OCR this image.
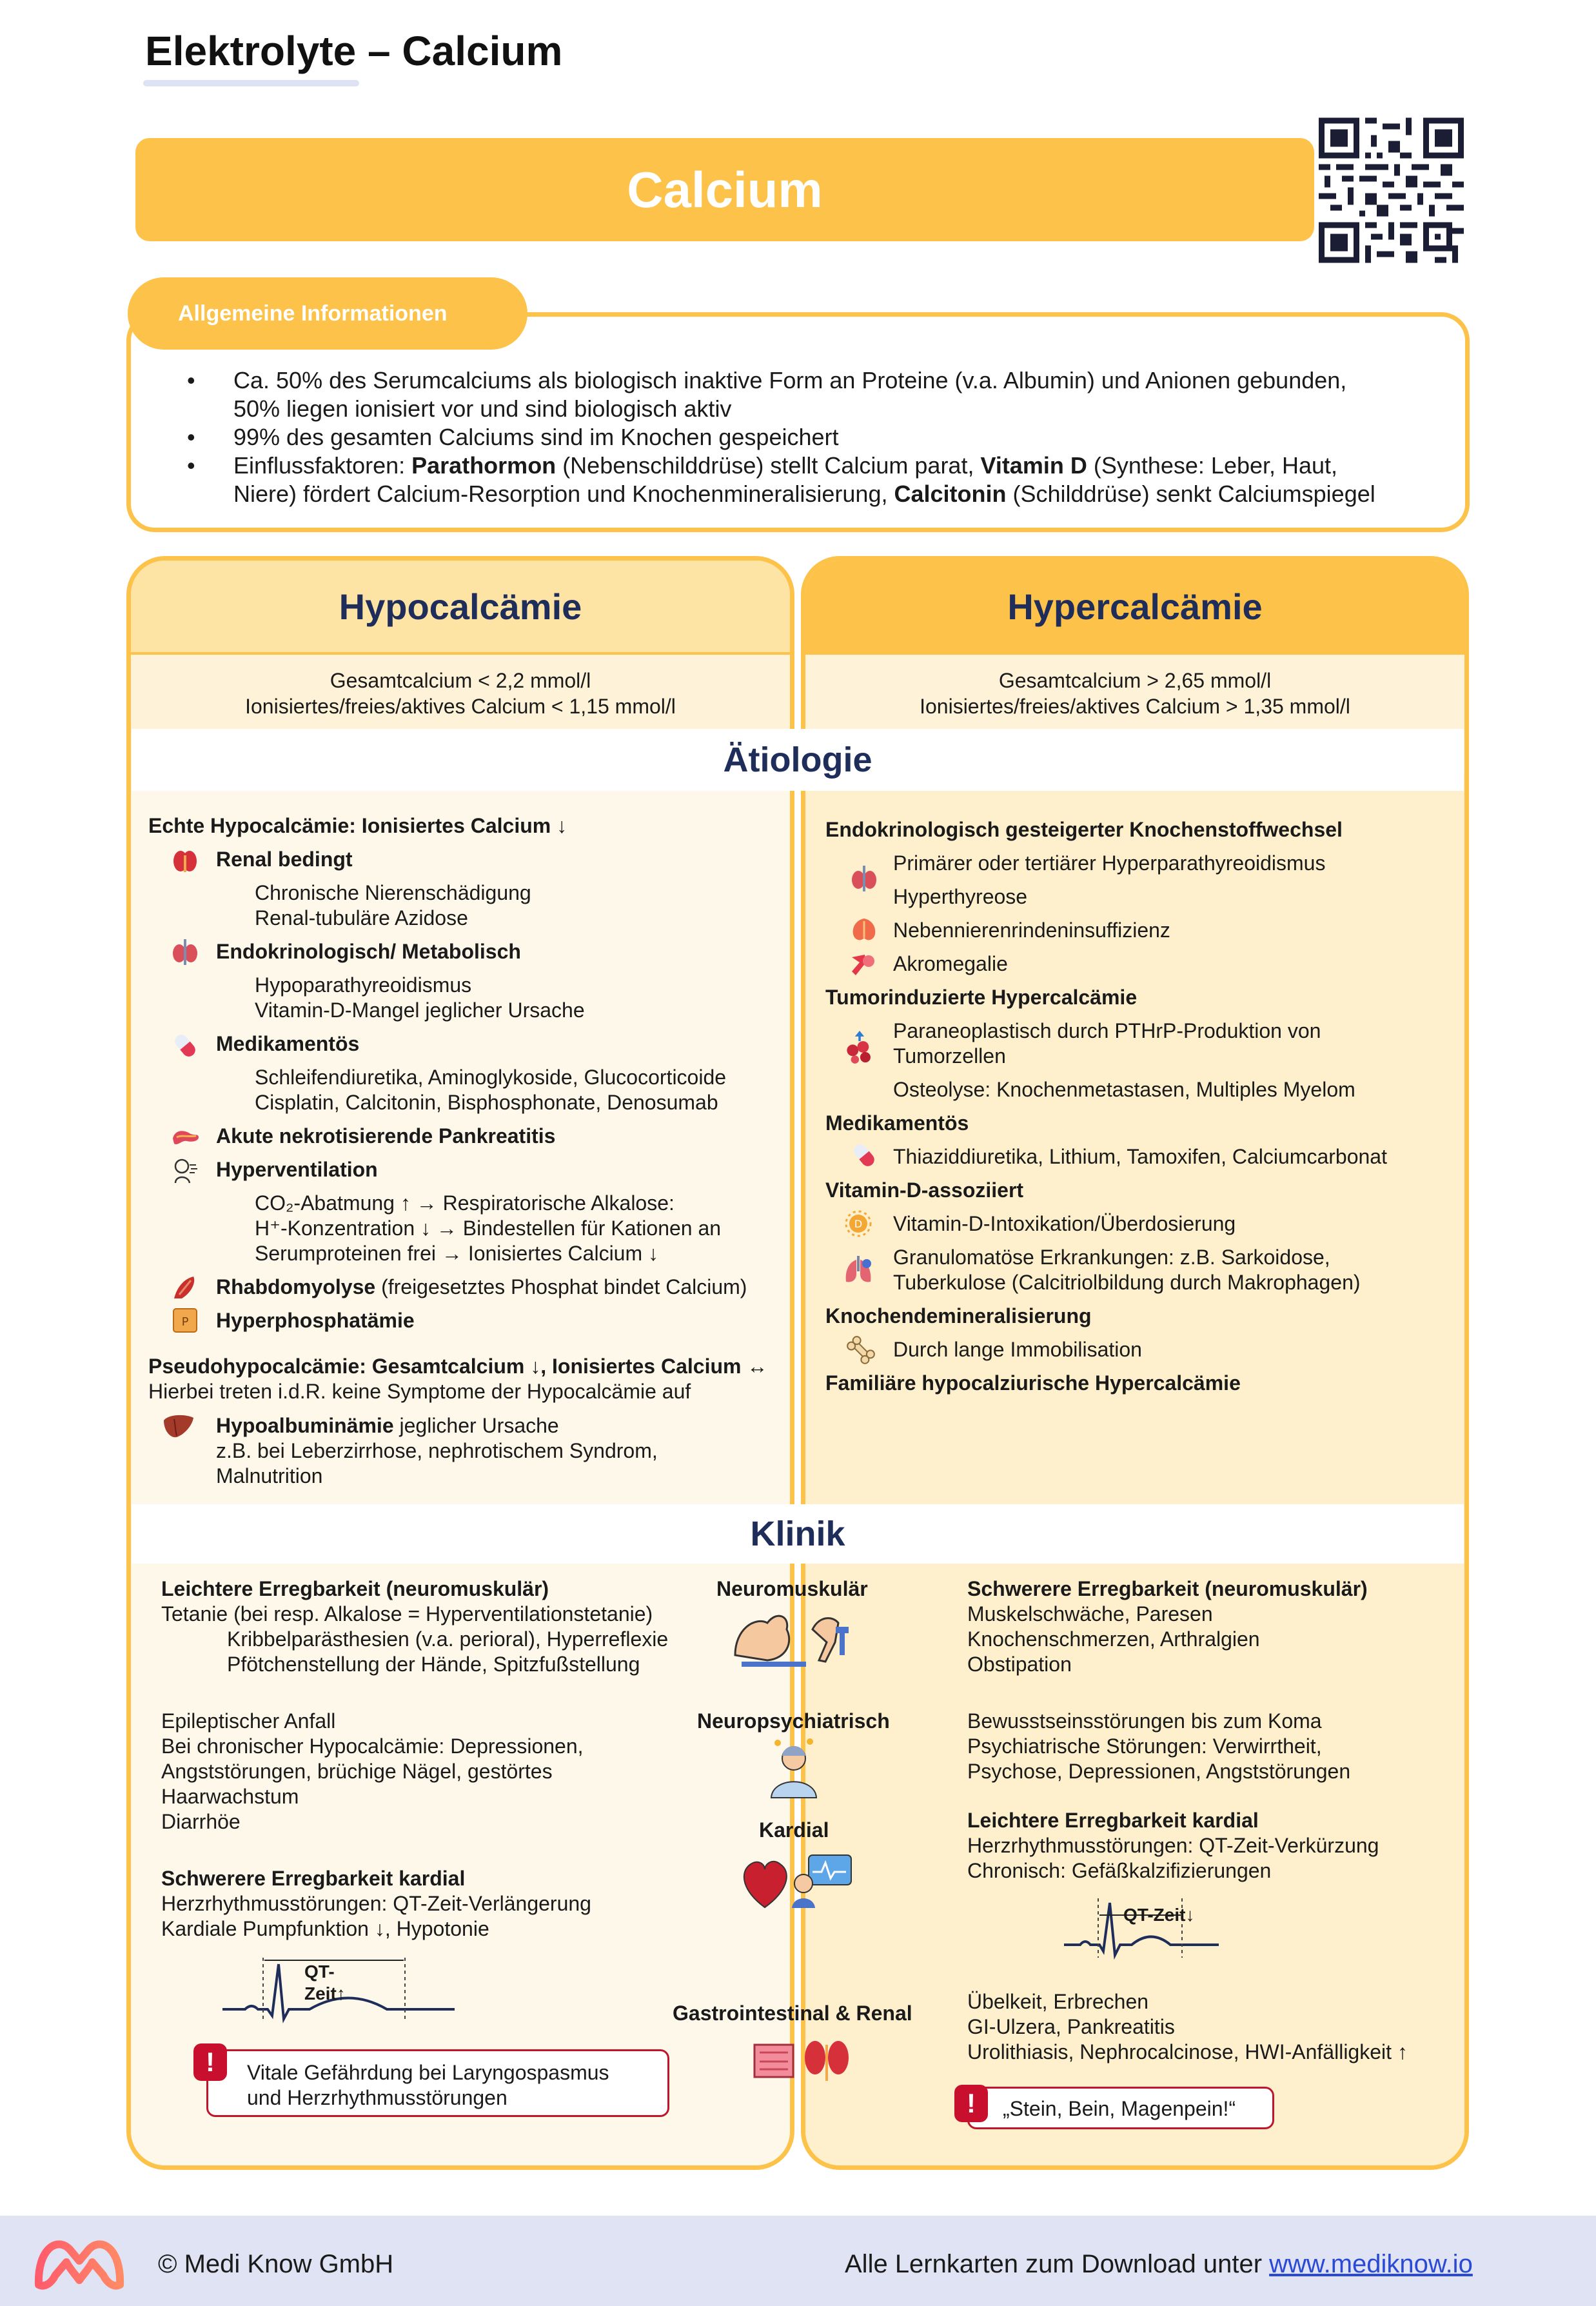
Elektrolyte – Calcium
Calcium
Allgemeine Informationen
• Ca. 50% des Serumcalciums als biologisch inaktive Form an Proteine (v.a. Albumin) und Anionen gebunden,
50% liegen ionisiert vor und sind biologisch aktiv
• 99% des gesamten Calciums sind im Knochen gespeichert
• Einflussfaktoren: Parathormon (Nebenschilddrüse) stellt Calcium parat, Vitamin D (Synthese: Leber, Haut,
Niere) fördert Calcium-Resorption und Knochenmineralisierung, Calcitonin (Schilddrüse) senkt Calciumspiegel
Hypocalcämie
Gesamtcalcium < 2,2 mmol/l
Ionisiertes/freies/aktives Calcium < 1,15 mmol/l
Hypercalcämie
Gesamtcalcium > 2,65 mmol/l
Ionisiertes/freies/aktives Calcium > 1,35 mmol/l
Ätiologie
Klinik
Echte Hypocalcämie: Ionisiertes Calcium ↓
Renal bedingt
Chronische Nierenschädigung
Renal-tubuläre Azidose
Endokrinologisch/ Metabolisch
Hypoparathyreoidismus
Vitamin-D-Mangel jeglicher Ursache
Medikamentös
Schleifendiuretika, Aminoglykoside, Glucocorticoide
Cisplatin, Calcitonin, Bisphosphonate, Denosumab
Akute nekrotisierende Pankreatitis
Hyperventilation
CO₂-Abatmung ↑ → Respiratorische Alkalose:
H⁺-Konzentration ↓ → Bindestellen für Kationen an
Serumproteinen frei → Ionisiertes Calcium ↓
Rhabdomyolyse (freigesetztes Phosphat bindet Calcium)
P Hyperphosphatämie
Pseudohypocalcämie: Gesamtcalcium ↓, Ionisiertes Calcium ↔
Hierbei treten i.d.R. keine Symptome der Hypocalcämie auf
Hypoalbuminämie jeglicher Ursache
z.B. bei Leberzirrhose, nephrotischem Syndrom,
Malnutrition
Endokrinologisch gesteigerter Knochenstoffwechsel
Primärer oder tertiärer Hyperparathyreoidismus
Hyperthyreose
Nebennierenrindeninsuffizienz
Akromegalie
Tumorinduzierte Hypercalcämie
Paraneoplastisch durch PTHrP-Produktion von
Tumorzellen
Osteolyse: Knochenmetastasen, Multiples Myelom
Medikamentös
Thiaziddiuretika, Lithium, Tamoxifen, Calciumcarbonat
Vitamin-D-assoziiert
D Vitamin-D-Intoxikation/Überdosierung
Granulomatöse Erkrankungen: z.B. Sarkoidose,
Tuberkulose (Calcitriolbildung durch Makrophagen)
Knochendemineralisierung
Durch lange Immobilisation
Familiäre hypocalziurische Hypercalcämie
Leichtere Erregbarkeit (neuromuskulär)
Tetanie (bei resp. Alkalose = Hyperventilationstetanie)
Kribbelparästhesien (v.a. perioral), Hyperreflexie
Pfötchenstellung der Hände, Spitzfußstellung
Epileptischer Anfall
Bei chronischer Hypocalcämie: Depressionen,
Angststörungen, brüchige Nägel, gestörtes
Haarwachstum
Diarrhöe
Schwerere Erregbarkeit kardial
Herzrhythmusstörungen: QT-Zeit-Verlängerung
Kardiale Pumpfunktion ↓, Hypotonie
QT-
Zeit↑
Vitale Gefährdung bei Laryngospasmus
und Herzrhythmusstörungen
!
Neuromuskulär
Neuropsychiatrisch
Kardial
Gastrointestinal & Renal
Schwerere Erregbarkeit (neuromuskulär)
Muskelschwäche, Paresen
Knochenschmerzen, Arthralgien
Obstipation
Bewusstseinsstörungen bis zum Koma
Psychiatrische Störungen: Verwirrtheit,
Psychose, Depressionen, Angststörungen
Leichtere Erregbarkeit kardial
Herzrhythmusstörungen: QT-Zeit-Verkürzung
Chronisch: Gefäßkalzifizierungen
QT-Zeit↓
Übelkeit, Erbrechen
GI-Ulzera, Pankreatitis
Urolithiasis, Nephrocalcinose, HWI-Anfälligkeit ↑
„Stein, Bein, Magenpein!“
!
© Medi Know GmbH	Alle Lernkarten zum Download unter www.mediknow.io
